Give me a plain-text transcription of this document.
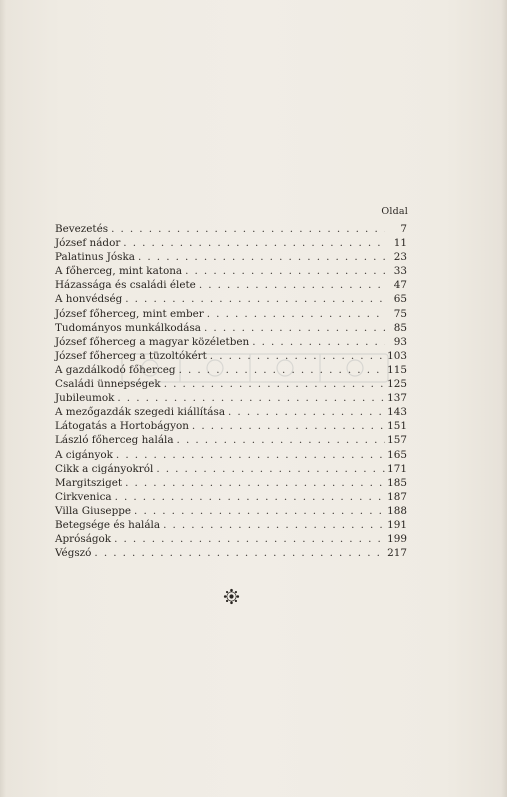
Oldal
Bevezetés . . .	7
József nádor . . .	11
Palatinus Jóska . . .	23
A főherceg, mint katona . . .	33
Házassága és családi élete . . .	47
A honvédség . . .	65
József főherceg, mint ember . . .	75
Tudományos munkálkodása . . .	85
József főherceg a magyar közéletben . . .	93
József főherceg a tüzoltókért . . .	103
A gazdálkodó főherceg . . .	115
Családi ünnepségek . . .	125
Jubileumok . . .	137
A mezőgazdák szegedi kiállítása . . .	143
Látogatás a Hortobágyon . . .	151
László főherceg halála . . .	157
A cigányok . . .	165
Cikk a cigányokról . . .	171
Margitsziget . . .	185
Cirkvenica . . .	187
Villa Giuseppe . . .	188
Betegsége és halála . . .	191
Apróságok . . .	199
Végszó . . .	217
